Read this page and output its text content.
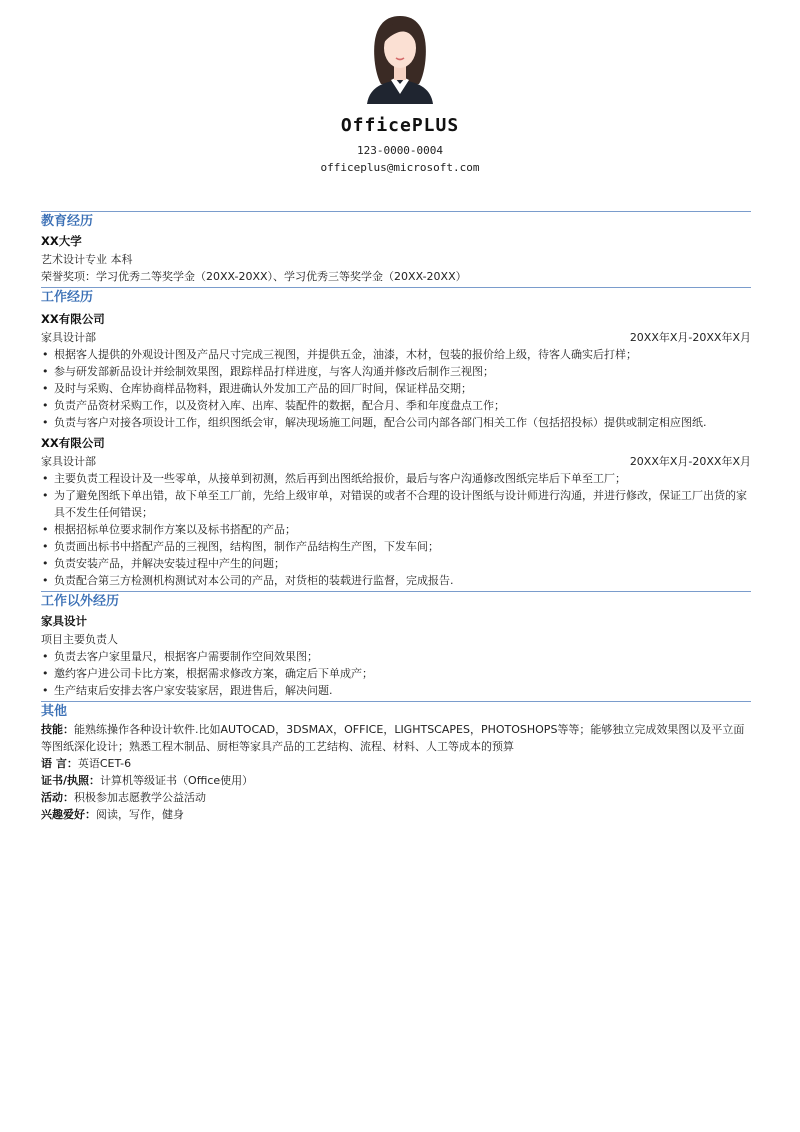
OfficePLUS
123-0000-0004
officeplus@microsoft.com
教育经历
XX大学
艺术设计专业 本科
荣誉奖项：学习优秀二等奖学金（20XX-20XX）、学习优秀三等奖学金（20XX-20XX）
工作经历
XX有限公司
家具设计部	20XX年X月-20XX年X月
• 根据客人提供的外观设计图及产品尺寸完成三视图，并提供五金，油漆，木材，包装的报价给上级，待客人确实后打样；
• 参与研发部新品设计并绘制效果图，跟踪样品打样进度，与客人沟通并修改后制作三视图；
• 及时与采购、仓库协商样品物料，跟进确认外发加工产品的回厂时间，保证样品交期；
• 负责产品资材采购工作，以及资材入库、出库、装配件的数据，配合月、季和年度盘点工作；
• 负责与客户对接各项设计工作，组织图纸会审，解决现场施工问题，配合公司内部各部门相关工作（包括招投标）提供或制定相应图纸.
XX有限公司
家具设计部	20XX年X月-20XX年X月
• 主要负责工程设计及一些零单，从接单到初测，然后再到出图纸给报价，最后与客户沟通修改图纸完毕后下单至工厂；
• 为了避免图纸下单出错，故下单至工厂前，先给上级审单，对错误的或者不合理的设计图纸与设计师进行沟通，并进行修改，保证工厂出货的家具不发生任何错误；
• 根据招标单位要求制作方案以及标书搭配的产品；
• 负责画出标书中搭配产品的三视图，结构图，制作产品结构生产图，下发车间；
• 负责安装产品，并解决安装过程中产生的问题；
• 负责配合第三方检测机构测试对本公司的产品，对货柜的装载进行监督，完成报告.
工作以外经历
家具设计
项目主要负责人
• 负责去客户家里量尺，根据客户需要制作空间效果图；
• 邀约客户进公司卡比方案，根据需求修改方案，确定后下单成产；
• 生产结束后安排去客户家安装家居，跟进售后，解决问题.
其他
技能：能熟练操作各种设计软件.比如AUTOCAD，3DSMAX，OFFICE，LIGHTSCAPES，PHOTOSHOPS等等；能够独立完成效果图以及平立面等图纸深化设计；熟悉工程木制品、厨柜等家具产品的工艺结构、流程、材料、人工等成本的预算
语 言：英语CET-6
证书/执照：计算机等级证书（Office使用）
活动：积极参加志愿教学公益活动
兴趣爱好：阅读，写作，健身
